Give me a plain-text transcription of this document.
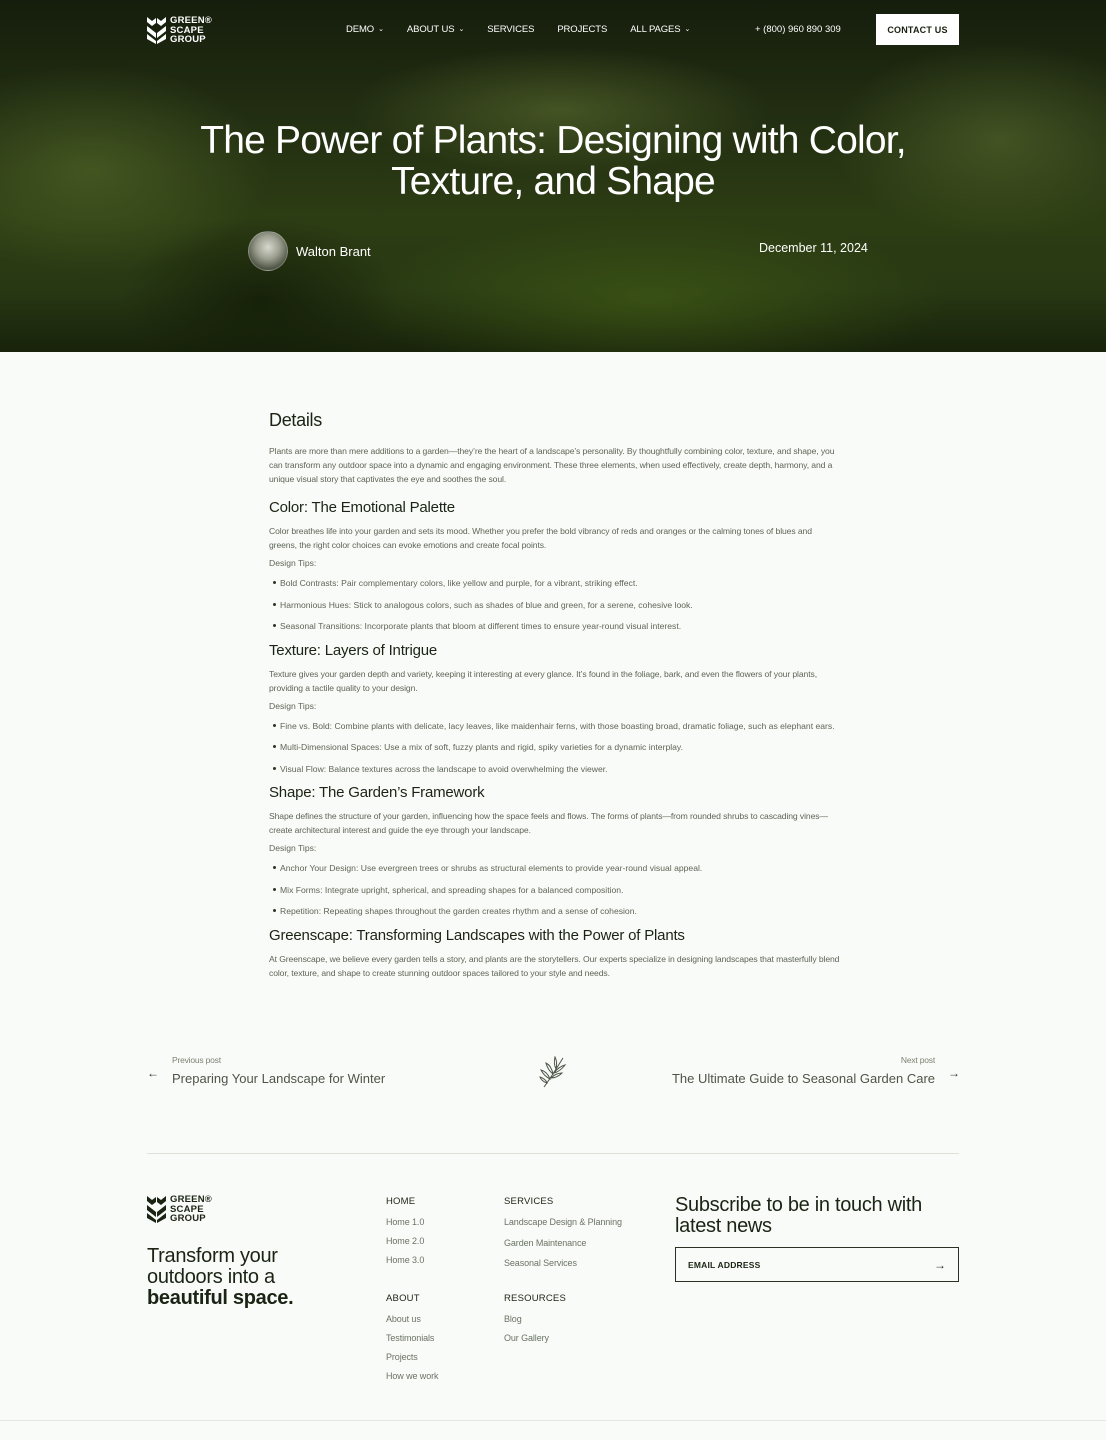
GREEN®
SCAPE
GROUP
DEMO ⌄ ABOUT US ⌄ SERVICES PROJECTS ALL PAGES ⌄	+ (800) 960 890 309	CONTACT US
The Power of Plants: Designing with Color, Texture, and Shape
Walton Brant	December 11, 2024
Details

Plants are more than mere additions to a garden—they’re the heart of a landscape’s personality. By thoughtfully combining color, texture, and shape, you can transform any outdoor space into a dynamic and engaging environment. These three elements, when used effectively, create depth, harmony, and a unique visual story that captivates the eye and soothes the soul.

Color: The Emotional Palette

Color breathes life into your garden and sets its mood. Whether you prefer the bold vibrancy of reds and oranges or the calming tones of blues and greens, the right color choices can evoke emotions and create focal points.

Design Tips:
Bold Contrasts: Pair complementary colors, like yellow and purple, for a vibrant, striking effect.
Harmonious Hues: Stick to analogous colors, such as shades of blue and green, for a serene, cohesive look.
Seasonal Transitions: Incorporate plants that bloom at different times to ensure year-round visual interest.
Texture: Layers of Intrigue

Texture gives your garden depth and variety, keeping it interesting at every glance. It’s found in the foliage, bark, and even the flowers of your plants, providing a tactile quality to your design.

Design Tips:
Fine vs. Bold: Combine plants with delicate, lacy leaves, like maidenhair ferns, with those boasting broad, dramatic foliage, such as elephant ears.
Multi-Dimensional Spaces: Use a mix of soft, fuzzy plants and rigid, spiky varieties for a dynamic interplay.
Visual Flow: Balance textures across the landscape to avoid overwhelming the viewer.
Shape: The Garden’s Framework

Shape defines the structure of your garden, influencing how the space feels and flows. The forms of plants—from rounded shrubs to cascading vines—create architectural interest and guide the eye through your landscape.

Design Tips:
Anchor Your Design: Use evergreen trees or shrubs as structural elements to provide year-round visual appeal.
Mix Forms: Integrate upright, spherical, and spreading shapes for a balanced composition.
Repetition: Repeating shapes throughout the garden creates rhythm and a sense of cohesion.
Greenscape: Transforming Landscapes with the Power of Plants

At Greenscape, we believe every garden tells a story, and plants are the storytellers. Our experts specialize in designing landscapes that masterfully blend color, texture, and shape to create stunning outdoor spaces tailored to your style and needs.

←
Previous post
Preparing Your Landscape for Winter
Next post
The Ultimate Guide to Seasonal Garden Care →
GREEN®
SCAPE
GROUP
Transform your
outdoors into a
beautiful space.
HOME
Home 1.0
Home 2.0
Home 3.0
ABOUT
About us
Testimonials
Projects
How we work
SERVICES
Landscape Design & Planning
Garden Maintenance
Seasonal Services
RESOURCES
Blog
Our Gallery
Subscribe to be in touch with latest news
EMAIL ADDRESS
→
